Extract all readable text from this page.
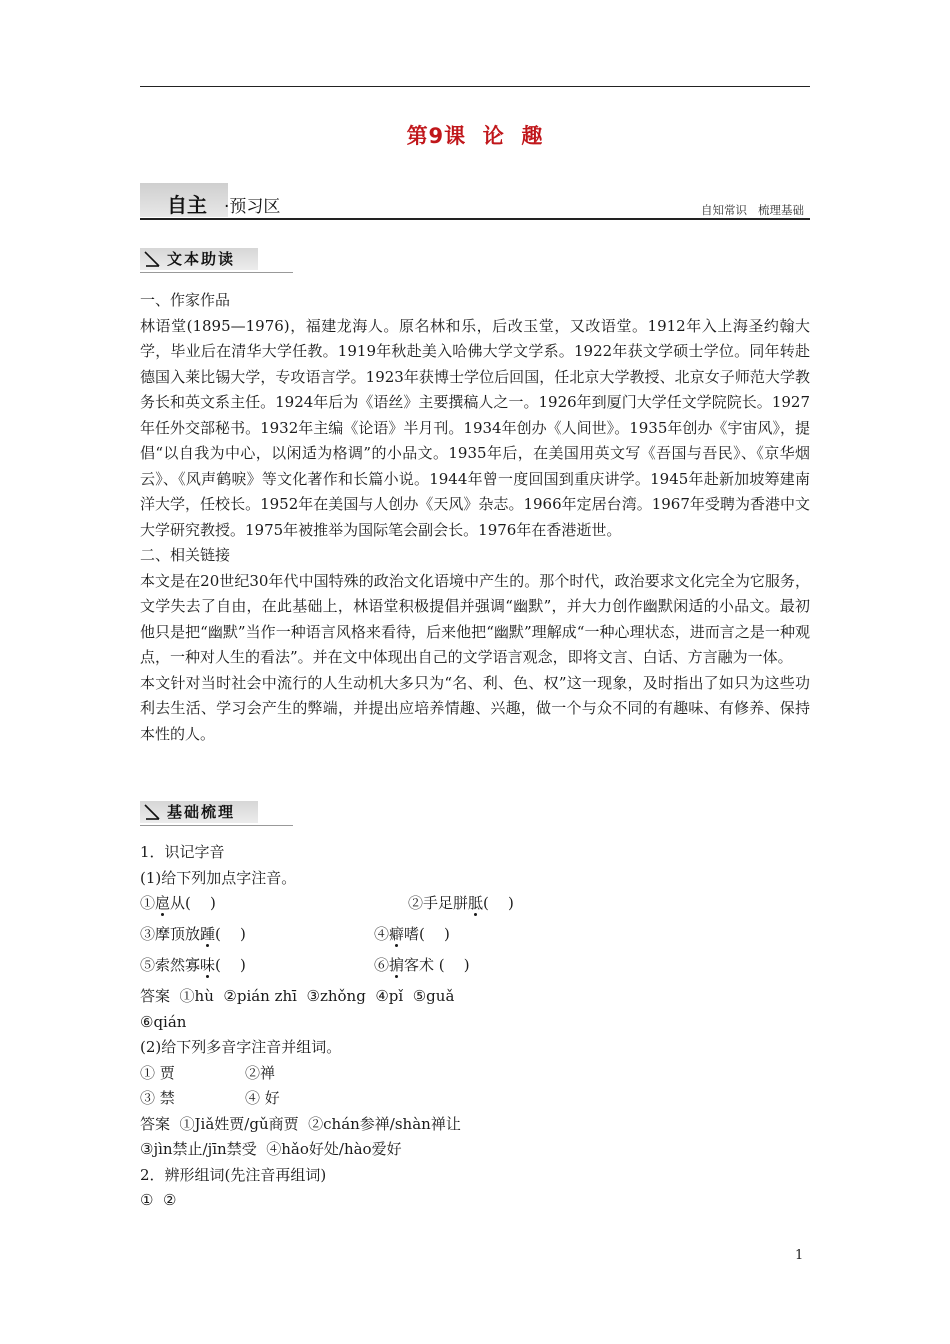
第9课  论  趣
自主 ·预习区	自知常识   梳理基础
文本助读

一、作家作品

林语堂(1895—1976)，福建龙海人。原名林和乐，后改玉堂，又改语堂。1912年入上海圣约翰大学，毕业后在清华大学任教。1919年秋赴美入哈佛大学文学系。1922年获文学硕士学位。同年转赴德国入莱比锡大学，专攻语言学。1923年获博士学位后回国，任北京大学教授、北京女子师范大学教务长和英文系主任。1924年后为《语丝》主要撰稿人之一。1926年到厦门大学任文学院院长。1927年任外交部秘书。1932年主编《论语》半月刊。1934年创办《人间世》。1935年创办《宇宙风》，提倡“以自我为中心，以闲适为格调”的小品文。1935年后，在美国用英文写《吾国与吾民》、《京华烟云》、《风声鹤唳》等文化著作和长篇小说。1944年曾一度回国到重庆讲学。1945年赴新加坡筹建南洋大学，任校长。1952年在美国与人创办《天风》杂志。1966年定居台湾。1967年受聘为香港中文大学研究教授。1975年被推举为国际笔会副会长。1976年在香港逝世。

二、相关链接

本文是在20世纪30年代中国特殊的政治文化语境中产生的。那个时代，政治要求文化完全为它服务，文学失去了自由，在此基础上，林语堂积极提倡并强调“幽默”，并大力创作幽默闲适的小品文。最初他只是把“幽默”当作一种语言风格来看待，后来他把“幽默”理解成“一种心理状态，进而言之是一种观点，一种对人生的看法”。并在文中体现出自己的文学语言观念，即将文言、白话、方言融为一体。

本文针对当时社会中流行的人生动机大多只为“名、利、色、权”这一现象，及时指出了如只为这些功利去生活、学习会产生的弊端，并提出应培养情趣、兴趣，做一个与众不同的有趣味、有修养、保持本性的人。

基础梳理

1．识记字音

(1)给下列加点字注音。

①扈从(    )	②手足胼胝(    )
③摩顶放踵(    )	④癖嗜(    )
⑤索然寡味(    )	⑥掮客术 (    )

答案  ①hù  ②pián zhī  ③zhǒng  ④pǐ  ⑤guǎ

⑥qián

(2)给下列多音字注音并组词。

① 贾	②禅
③ 禁	④ 好

答案  ①Jiǎ姓贾/gǔ商贾  ②chán参禅/shàn禅让

③jìn禁止/jīn禁受  ④hǎo好处/hào爱好

2．辨形组词(先注音再组词)

①  ②

1
